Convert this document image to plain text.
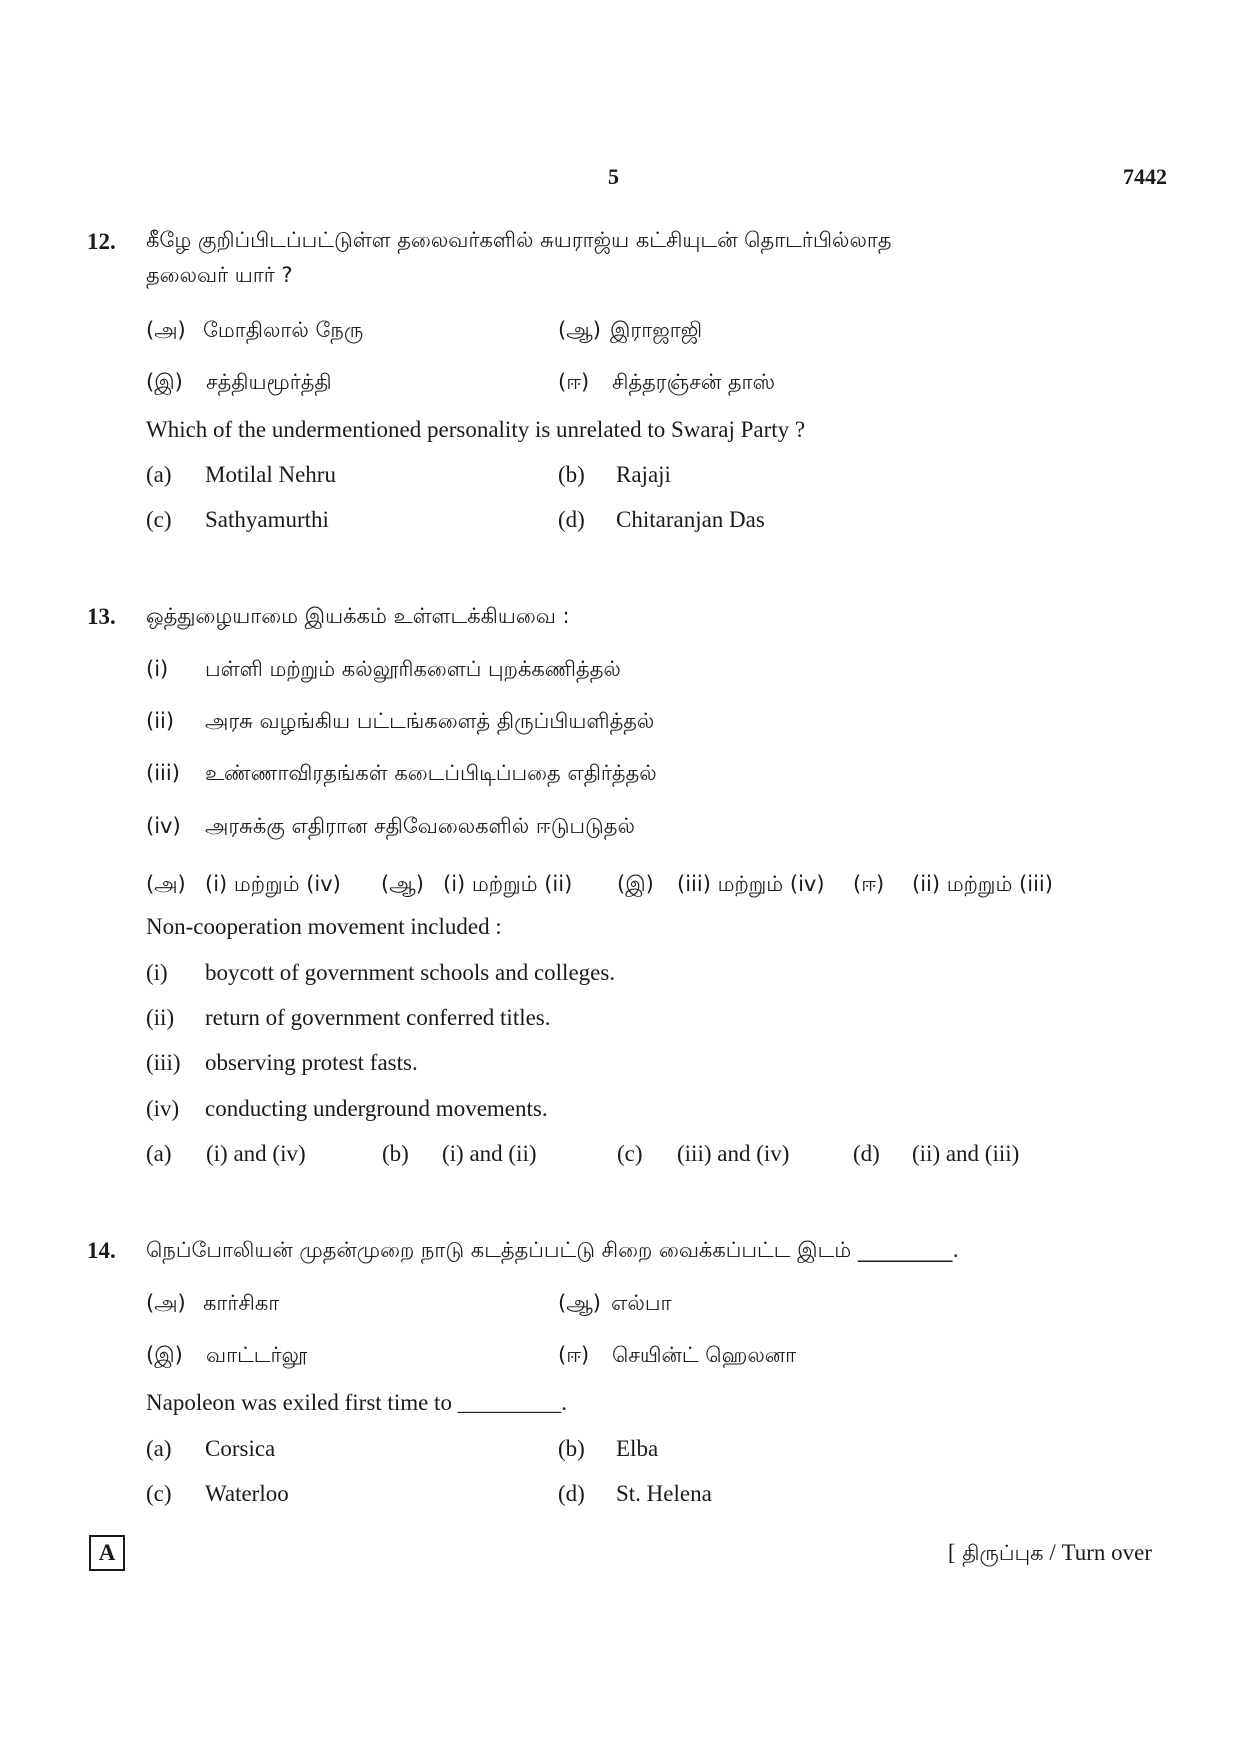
5	7442
12. கீழே குறிப்பிடப்பட்டுள்ள தலைவர்களில் சுயராஜ்ய கட்சியுடன் தொடர்பில்லாத
தலைவர் யார் ?
(அ) மோதிலால் நேரு	(ஆ) இராஜாஜி
(இ) சத்தியமூர்த்தி	(ஈ) சித்தரஞ்சன் தாஸ்
Which of the undermentioned personality is unrelated to Swaraj Party ?
(a) Motilal Nehru	(b) Rajaji
(c) Sathyamurthi	(d) Chitaranjan Das
13. ஒத்துழையாமை இயக்கம் உள்ளடக்கியவை :
(i) பள்ளி மற்றும் கல்லூரிகளைப் புறக்கணித்தல்
(ii) அரசு வழங்கிய பட்டங்களைத் திருப்பியளித்தல்
(iii) உண்ணாவிரதங்கள் கடைப்பிடிப்பதை எதிர்த்தல்
(iv) அரசுக்கு எதிரான சதிவேலைகளில் ஈடுபடுதல்
(அ) (i) மற்றும் (iv) (ஆ) (i) மற்றும் (ii) (இ) (iii) மற்றும் (iv) (ஈ) (ii) மற்றும் (iii)
Non-cooperation movement included :
(i) boycott of government schools and colleges.
(ii) return of government conferred titles.
(iii) observing protest fasts.
(iv) conducting underground movements.
(a) (i) and (iv)	(b) (i) and (ii)	(c) (iii) and (iv)	(d) (ii) and (iii)
14. நெப்போலியன் முதன்முறை நாடு கடத்தப்பட்டு சிறை வைக்கப்பட்ட இடம் _________.
(அ) கார்சிகா	(ஆ) எல்பா
(இ) வாட்டர்லூ	(ஈ) செயின்ட் ஹெலனா
Napoleon was exiled first time to _________.
(a) Corsica	(b) Elba
(c) Waterloo	(d) St. Helena
A	[ திருப்புக / Turn over
